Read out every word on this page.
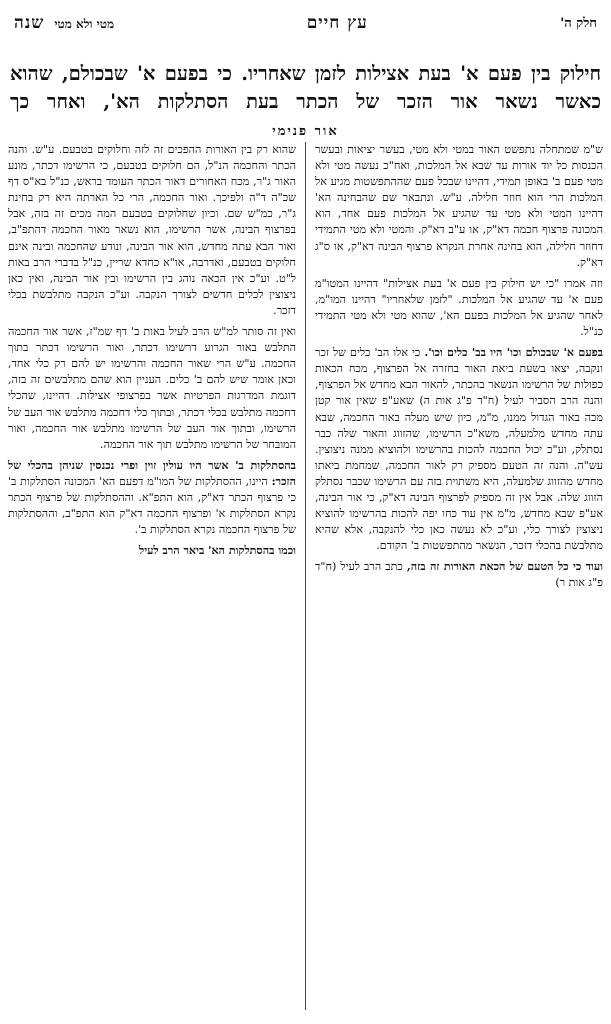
חלק ה'
עץ חיים
מטי ולא מטי
שנה
חילוק בין פעם א' בעת אצילות לזמן שאחריו. כי בפעם א' שבכולם, שהוא כאשר נשאר אור הזכר של הכתר בעת הסתלקות הא', ואחר כך
אור פנימי

ש"מ שמתחלה נתפשט האור במטי ולא מטי, בעשר יציאות ובעשר הכנסות כל יוד אורות עד שבא אל המלכות, ואח"כ נעשה מטי ולא מטי פעם ב' באופן תמידי, דהיינו שבכל פעם שההתפשטות מגיע אל המלכות הרי הוא חוזר חלילה. ע"ש. ונתבאר שם שהבחינה הא' דהיינו המטי ולא מטי עד שהגיע אל המלכות פעם אחד, הוא המכונה פרצוף חכמה דא"ק, או ע"ב דא"ק. והמטי ולא מטי התמידי דחוזר חלילה, הוא בחינה אחרת הנקרא פרצוף הבינה דא"ק, או ס"ג דא"ק.

וזה אמרו "כי יש חילוק בין פעם א' בעת אצילות" דהיינו המטו"מ פעם א' עד שהגיע אל המלכות. "לזמן שלאחריו" דהיינו המו"מ, לאחר שהגיע אל המלכות בפעם הא', שהוא מטי ולא מטי התמידי כנ"ל.

בפעם א' שבכולם וכו' היו בב' כלים וכו'. כי אלו הב' כלים של זכר ונקבה, יצאו בשעת ביאת האור בחזרה אל הפרצוף, מכח הכאות כפולות של הרשימו הנשאר בהכתר, להאור הבא מחדש אל הפרצוף, והנה הרב הסביר לעיל (ח"ד פ"ג אות ה) שאע"פ שאין אור קטן מכה באור הגדול ממנו, מ"מ, כיון שיש מעלה באור החכמה, שבא עתה מחדש מלמעלה, משא"כ הרשימו, שהזווג והאור שלה כבר נסתלק, וע"כ יכול החכמה להכות בהרשימו ולהוציא ממנה ניצוצין. עש"ה. והנה זה הטעם מספיק רק לאור החכמה, שמחמת ביאתו מחדש מהזווג שלמעלה, היא משתוית בזה עם הרשימו שכבר נסתלק הזווג שלה. אבל אין זה מספיק לפרצוף הבינה דא"ק, כי אור הבינה, אע"פ שבא מחדש, מ"מ אין עוד כחו יפה להכות בהרשימו להוציא ניצוצין לצורך כלי, וע"כ לא נעשה כאן כלי להנקבה, אלא שהיא מתלבשת בהכלי דזכר, הנשאר מהתפשטות ב' הקודם.

ועוד כי כל הטעם של הכאת האורות זה בזה, כתב הרב לעיל (ח"ד פ"ג אות ר)

שהוא רק בין האורות ההפכים זה לזה וחלוקים בטבעם. ע"ש. והנה הכתר והחכמה הנ"ל, הם חלוקים בטבעם, כי הרשימו דכתר, מונע האור ג"ר, מכח האחורים דאור הכתר העומד בראש, כנ"ל בא"ס דף שכ"ה ד"ה ולפיכך. ואור החכמה, הרי כל הארתה היא רק בחינת ג"ר, כמ"ש שם. וכיון שחלוקים בטבעם המה מכים זה בזה, אבל בפרצוף הבינה, אשר הרשימו, הוא נשאר מאור החכמה דהתפ"ב, ואור הבא עתה מחדש, הוא אור הבינה, ונודע שהחכמה ובינה אינם חלוקים בטבעם, ואדרבה, או"א כחדא שריין, כנ"ל בדברי הרב באות ל"ט. וע"כ אין הכאה נוהג בין הרשימו ובין אור הבינה, ואין כאן ניצוצין לכלים חדשים לצורך הנקבה. וע"כ הנקבה מתלבשת בכלי דזכר.

ואין זה סותר למ"ש הרב לעיל באות ב' דף שמ"ז, אשר אור החכמה התלבש באור הגרוע דרשימו דכתר, ואור הרשימו דכתר בתוך החכמה. ע"ש הרי שאור החכמה והרשימו יש להם רק כלי אחד, וכאן אומר שיש להם ב' כלים. העניין הוא שהם מתלבשים זה בזה, דוגמת המדרגות הפרטיות אשר בפרצופי אצילות. דהיינו, שהכלי דחכמה מתלבש בכלי דכתר, ובתוך כלי דחכמה מתלבש אור העב של הרשימו, ובתוך אור העב של הרשימו מתלבש אור החכמה, ואור המובחר של הרשימו מתלבש תוך אור החכמה.

בהסתלקות ב' אשר היו עולין זוין ופרי נכנסין שניהן בהכלי של הזכר: היינו, ההסתלקות של המו"מ דפעם הא' המכונה הסתלקות ב' כי פרצוף הכתר דא"ק, הוא התפ"א. וההסתלקות של פרצוף הכתר נקרא הסתלקות א' ופרצוף החכמה דא"ק הוא התפ"ב, וההסתלקות של פרצוף החכמה נקרא הסתלקות ב'.

וכמו בהסתלקות הא' ביאר הרב לעיל
